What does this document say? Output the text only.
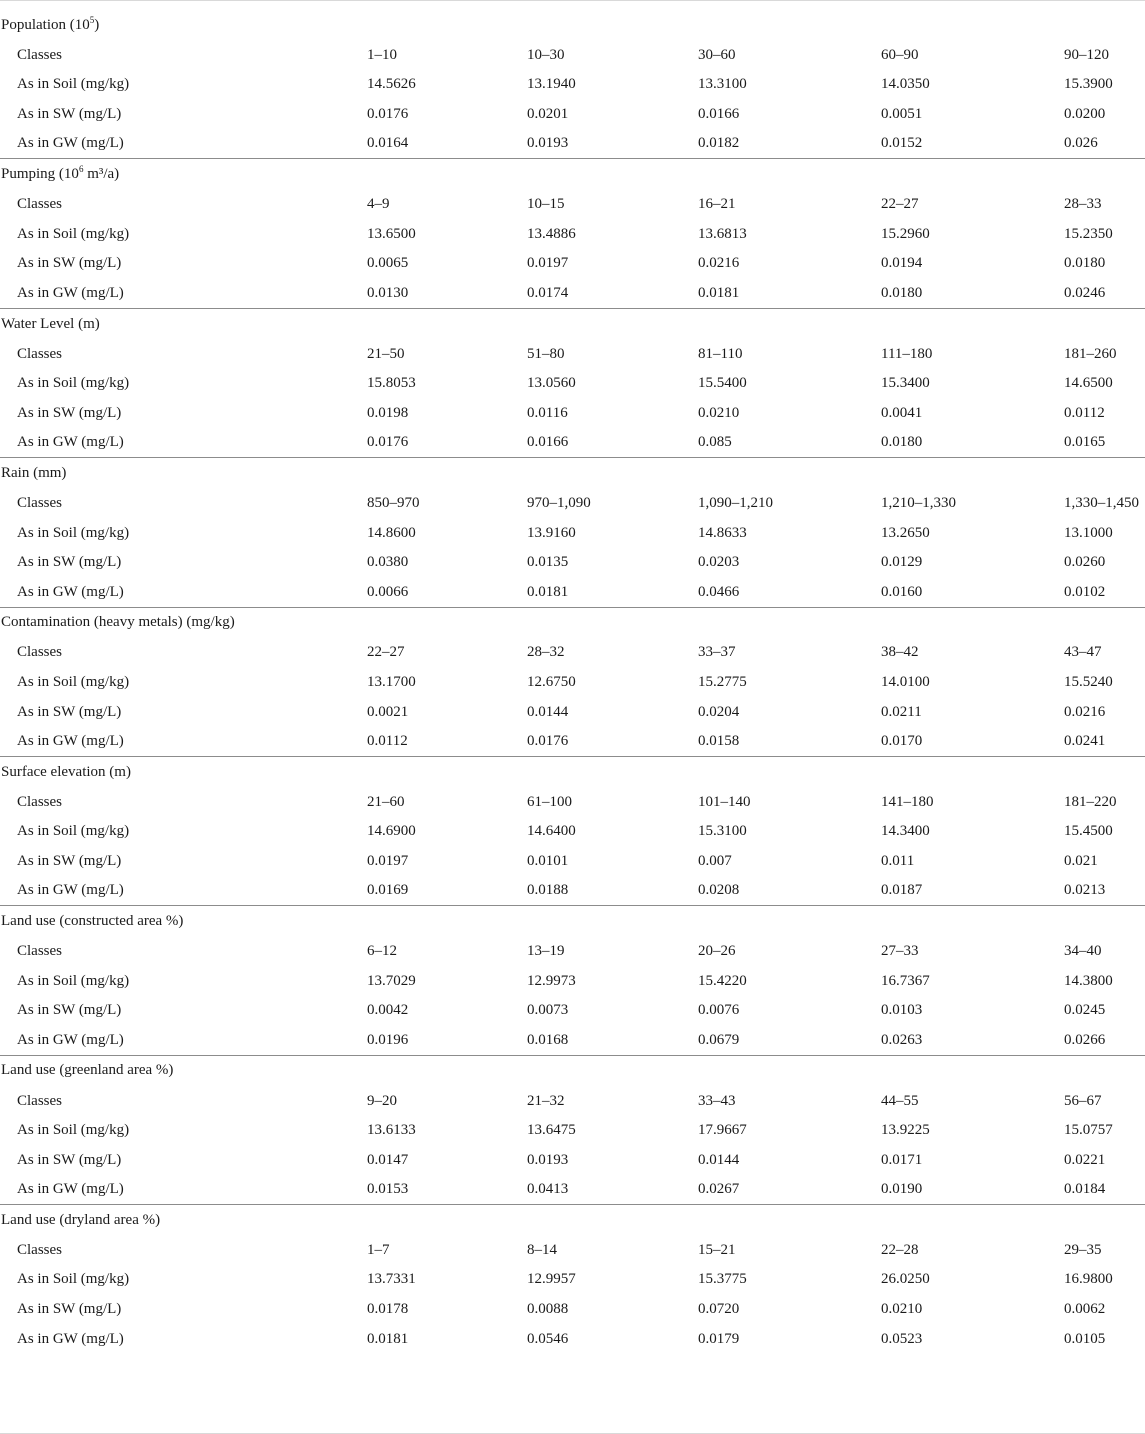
Population $(10^5)$					
Classes	1–10	10–30	30–60	60–90	90–120
As in Soil (mg/kg)	14.5626	13.1940	13.3100	14.0350	15.3900
As in SW (mg/L)	0.0176	0.0201	0.0166	0.0051	0.0200
As in GW (mg/L)	0.0164	0.0193	0.0182	0.0152	0.026
Pumping ($10^6$ m³/a)					
Classes	4–9	10–15	16–21	22–27	28–33
As in Soil (mg/kg)	13.6500	13.4886	13.6813	15.2960	15.2350
As in SW (mg/L)	0.0065	0.0197	0.0216	0.0194	0.0180
As in GW (mg/L)	0.0130	0.0174	0.0181	0.0180	0.0246
Water Level (m)					
Classes	21–50	51–80	81–110	111–180	181–260
As in Soil (mg/kg)	15.8053	13.0560	15.5400	15.3400	14.6500
As in SW (mg/L)	0.0198	0.0116	0.0210	0.0041	0.0112
As in GW (mg/L)	0.0176	0.0166	0.085	0.0180	0.0165
Rain (mm)					
Classes	850–970	970–1,090	1,090–1,210	1,210–1,330	1,330–1,450
As in Soil (mg/kg)	14.8600	13.9160	14.8633	13.2650	13.1000
As in SW (mg/L)	0.0380	0.0135	0.0203	0.0129	0.0260
As in GW (mg/L)	0.0066	0.0181	0.0466	0.0160	0.0102
Contamination (heavy metals) (mg/kg)					
Classes	22–27	28–32	33–37	38–42	43–47
As in Soil (mg/kg)	13.1700	12.6750	15.2775	14.0100	15.5240
As in SW (mg/L)	0.0021	0.0144	0.0204	0.0211	0.0216
As in GW (mg/L)	0.0112	0.0176	0.0158	0.0170	0.0241
Surface elevation (m)					
Classes	21–60	61–100	101–140	141–180	181–220
As in Soil (mg/kg)	14.6900	14.6400	15.3100	14.3400	15.4500
As in SW (mg/L)	0.0197	0.0101	0.007	0.011	0.021
As in GW (mg/L)	0.0169	0.0188	0.0208	0.0187	0.0213
Land use (constructed area %)					
Classes	6–12	13–19	20–26	27–33	34–40
As in Soil (mg/kg)	13.7029	12.9973	15.4220	16.7367	14.3800
As in SW (mg/L)	0.0042	0.0073	0.0076	0.0103	0.0245
As in GW (mg/L)	0.0196	0.0168	0.0679	0.0263	0.0266
Land use (greenland area %)					
Classes	9–20	21–32	33–43	44–55	56–67
As in Soil (mg/kg)	13.6133	13.6475	17.9667	13.9225	15.0757
As in SW (mg/L)	0.0147	0.0193	0.0144	0.0171	0.0221
As in GW (mg/L)	0.0153	0.0413	0.0267	0.0190	0.0184
Land use (dryland area %)					
Classes	1–7	8–14	15–21	22–28	29–35
As in Soil (mg/kg)	13.7331	12.9957	15.3775	26.0250	16.9800
As in SW (mg/L)	0.0178	0.0088	0.0720	0.0210	0.0062
As in GW (mg/L)	0.0181	0.0546	0.0179	0.0523	0.0105
